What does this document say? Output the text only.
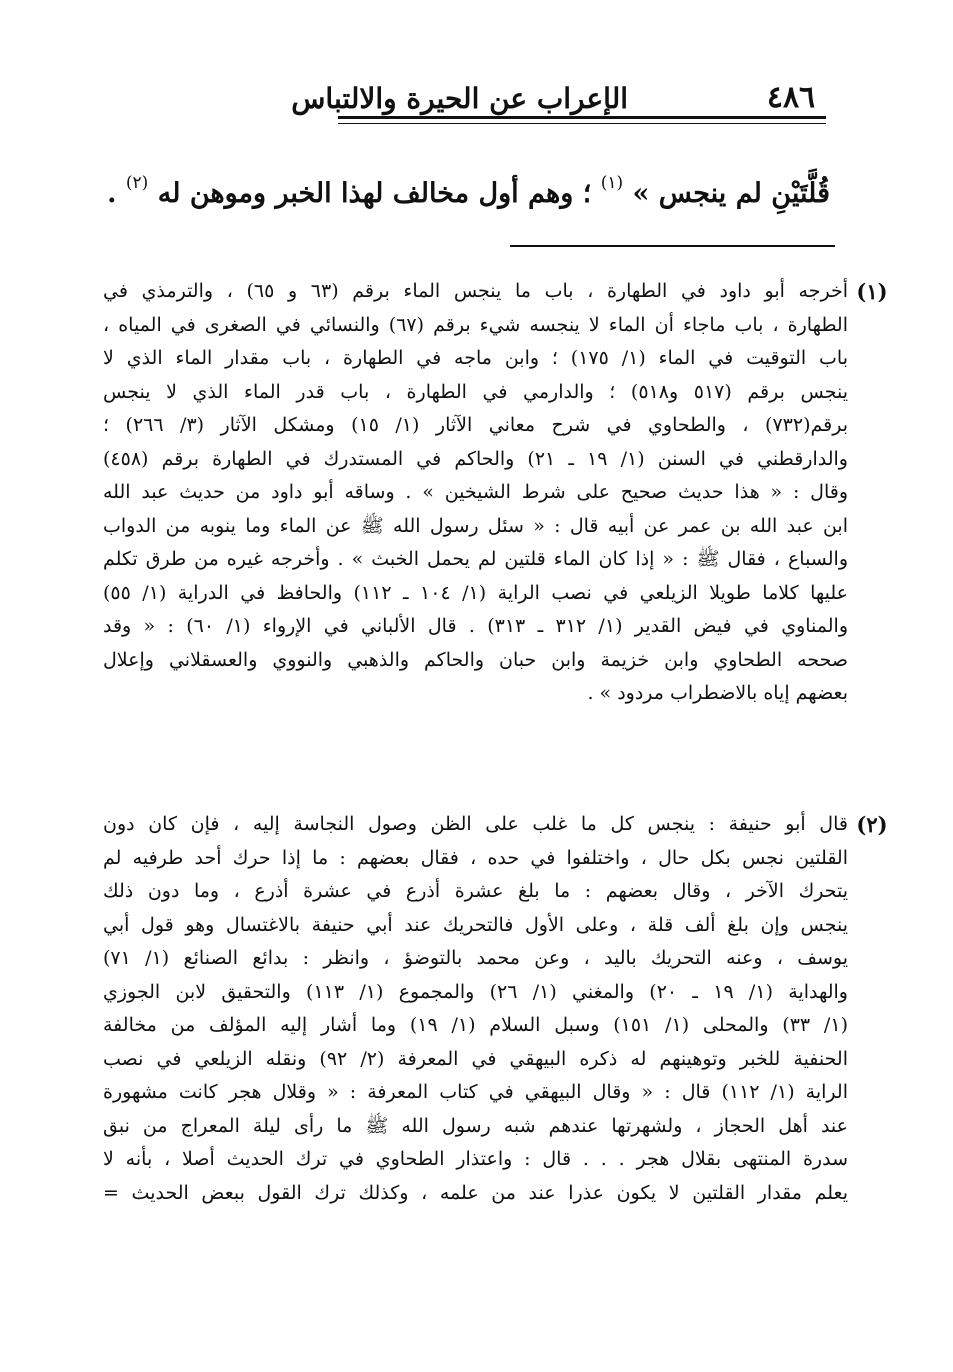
الإعراب عن الحيرة والالتباس	٤٨٦
قُلَّتَيْنِ لم ينجس » $^{(١)}$ ؛ وهم أول مخالف لهذا الخبر وموهن له $^{(٢)}$ .
(١)
أخرجه أبو داود في الطهارة ، باب ما ينجس الماء برقم (٦٣ و ٦٥) ، والترمذي في
الطهارة ، باب ماجاء أن الماء لا ينجسه شيء برقم (٦٧) والنسائي في الصغرى في المياه ،
باب التوقيت في الماء (١/ ١٧٥) ؛ وابن ماجه في الطهارة ، باب مقدار الماء الذي لا
ينجس برقم (٥١٧ و٥١٨) ؛ والدارمي في الطهارة ، باب قدر الماء الذي لا ينجس
برقم(٧٣٢) ، والطحاوي في شرح معاني الآثار (١/ ١٥) ومشكل الآثار (٣/ ٢٦٦) ؛
والدارقطني في السنن (١/ ١٩ ـ ٢١) والحاكم في المستدرك في الطهارة برقم (٤٥٨)
وقال : « هذا حديث صحيح على شرط الشيخين » . وساقه أبو داود من حديث عبد الله
ابن عبد الله بن عمر عن أبيه قال : « سئل رسول الله ﷺ عن الماء وما ينوبه من الدواب
والسباع ، فقال ﷺ : « إذا كان الماء قلتين لم يحمل الخبث » . وأخرجه غيره من طرق تكلم
عليها كلاما طويلا الزيلعي في نصب الراية (١/ ١٠٤ ـ ١١٢) والحافظ في الدراية (١/ ٥٥)
والمناوي في فيض القدير (١/ ٣١٢ ـ ٣١٣) . قال الألباني في الإرواء (١/ ٦٠) : « وقد
صححه الطحاوي وابن خزيمة وابن حبان والحاكم والذهبي والنووي والعسقلاني وإعلال
بعضهم إياه بالاضطراب مردود » .
(٢)
قال أبو حنيفة : ينجس كل ما غلب على الظن وصول النجاسة إليه ، فإن كان دون
القلتين نجس بكل حال ، واختلفوا في حده ، فقال بعضهم : ما إذا حرك أحد طرفيه لم
يتحرك الآخر ، وقال بعضهم : ما بلغ عشرة أذرع في عشرة أذرع ، وما دون ذلك
ينجس وإن بلغ ألف قلة ، وعلى الأول فالتحريك عند أبي حنيفة بالاغتسال وهو قول أبي
يوسف ، وعنه التحريك باليد ، وعن محمد بالتوضؤ ، وانظر : بدائع الصنائع (١/ ٧١)
والهداية (١/ ١٩ ـ ٢٠) والمغني (١/ ٢٦) والمجموع (١/ ١١٣) والتحقيق لابن الجوزي
(١/ ٣٣) والمحلى (١/ ١٥١) وسبل السلام (١/ ١٩) وما أشار إليه المؤلف من مخالفة
الحنفية للخبر وتوهينهم له ذكره البيهقي في المعرفة (٢/ ٩٢) ونقله الزيلعي في نصب
الراية (١/ ١١٢) قال : « وقال البيهقي في كتاب المعرفة : « وقلال هجر كانت مشهورة
عند أهل الحجاز ، ولشهرتها عندهم شبه رسول الله ﷺ ما رأى ليلة المعراج من نبق
سدرة المنتهى بقلال هجر . . . قال : واعتذار الطحاوي في ترك الحديث أصلا ، بأنه لا
يعلم مقدار القلتين لا يكون عذرا عند من علمه ، وكذلك ترك القول ببعض الحديث =
